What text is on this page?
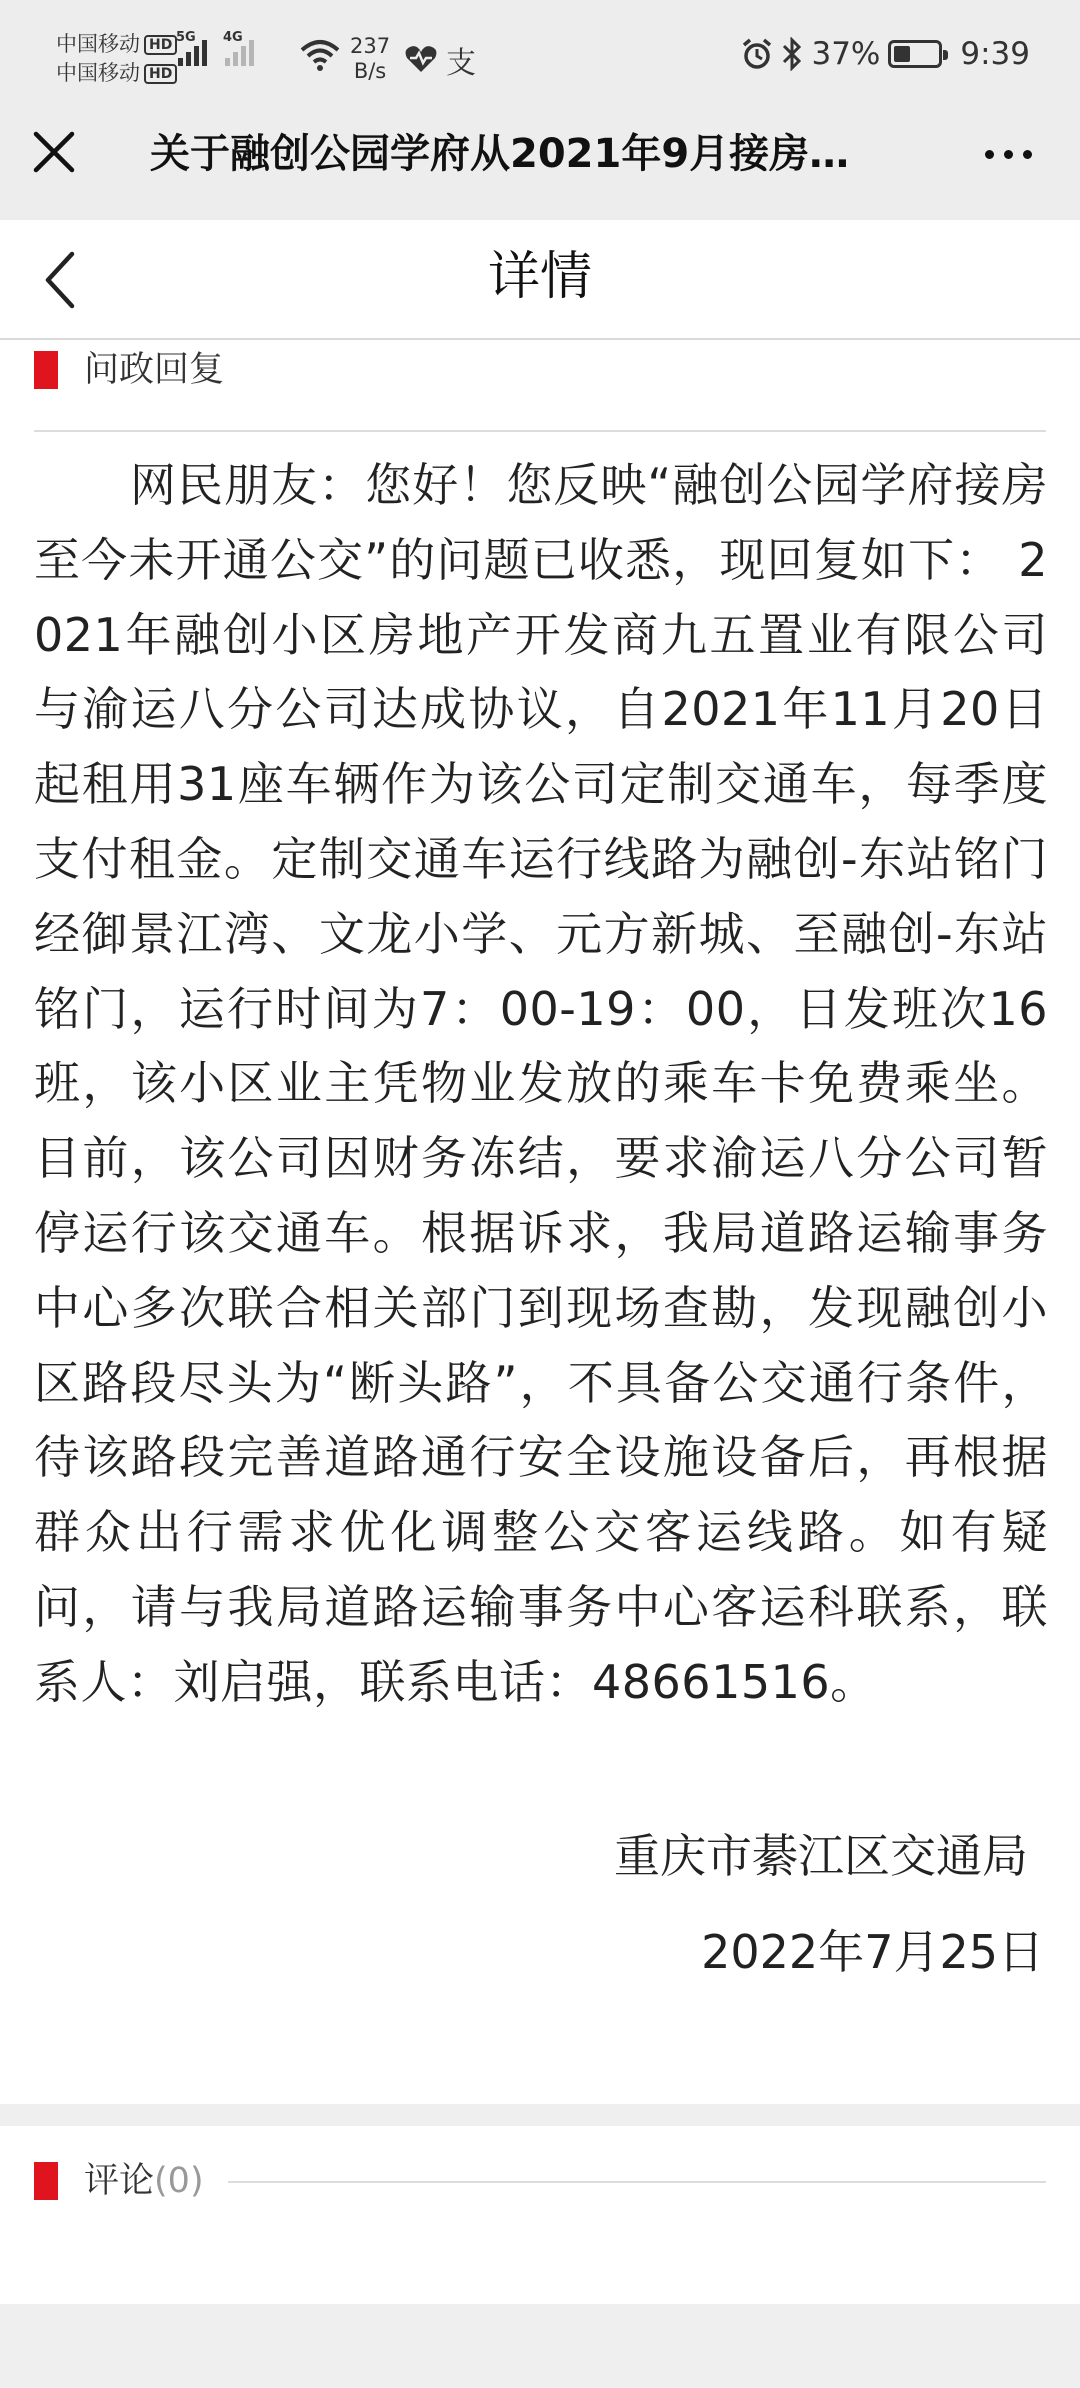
中国移动 HD
中国移动 HD
5G 4G	237
B/s 支	37%	9:39
关于融创公园学府从2021年9月接房…
详情
问政回复

网民朋友：您好！您反映“融创公园学府接房至今未开通公交”的问题已收悉，现回复如下： 2021年融创小区房地产开发商九五置业有限公司与渝运八分公司达成协议，自2021年11月20日起租用31座车辆作为该公司定制交通车，每季度支付租金。定制交通车运行线路为融创-东站铭门经御景江湾、文龙小学、元方新城、至融创-东站铭门，运行时间为7：00-19：00，日发班次16班，该小区业主凭物业发放的乘车卡免费乘坐。目前，该公司因财务冻结，要求渝运八分公司暂停运行该交通车。根据诉求，我局道路运输事务中心多次联合相关部门到现场查勘，发现融创小区路段尽头为“断头路”，不具备公交通行条件，待该路段完善道路通行安全设施设备后，再根据群众出行需求优化调整公交客运线路。如有疑问，请与我局道路运输事务中心客运科联系，联系人：刘启强，联系电话：48661516。

重庆市綦江区交通局
2022年7月25日
评论(0)
